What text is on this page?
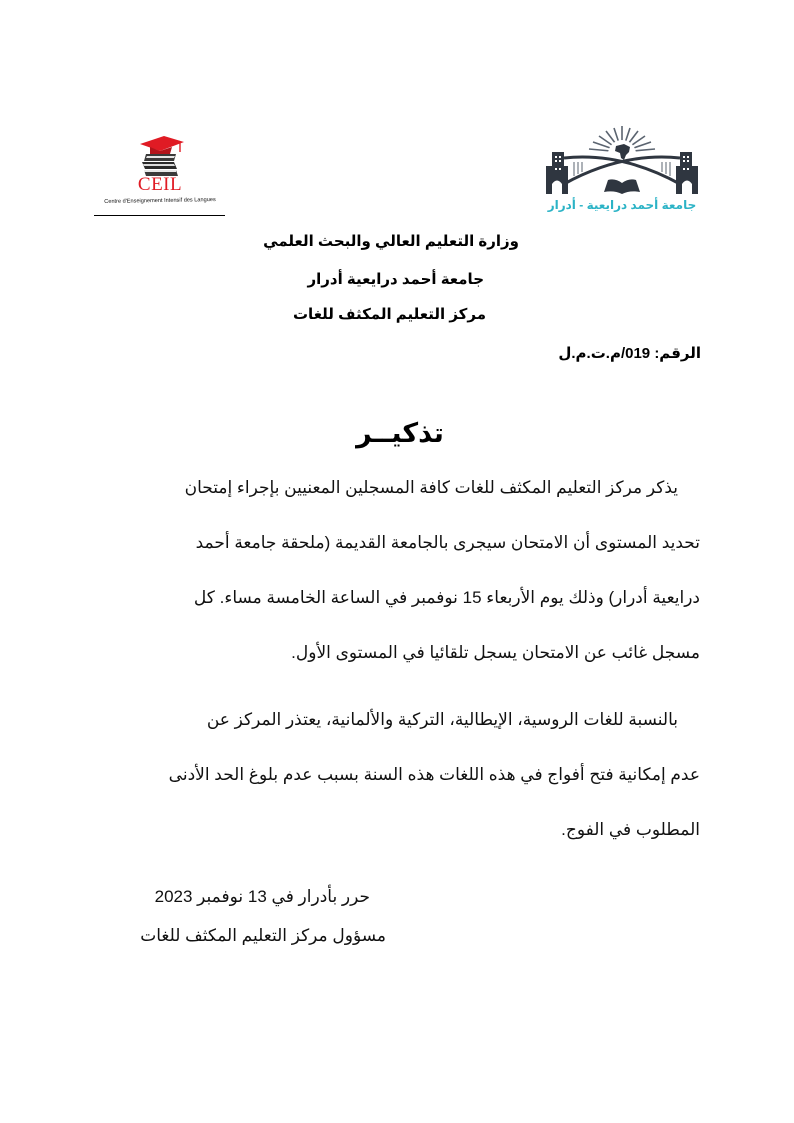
CEIL
Centre d'Enseignement Intensif des Langues	جامعة أحمد درايعية - أدرار
وزارة التعليم العالي والبحث العلمي
جامعة أحمد درايعية أدرار
مركز التعليم المكثف للغات
الرقم: 019/م.ت.م.ل
تذكيــر
يذكر مركز التعليم المكثف للغات كافة المسجلين المعنيين بإجراء إمتحان
تحديد المستوى أن الامتحان سيجرى بالجامعة القديمة (ملحقة جامعة أحمد
درايعية أدرار) وذلك يوم الأربعاء 15 نوفمبر في الساعة الخامسة مساء. كل
مسجل غائب عن الامتحان يسجل تلقائيا في المستوى الأول.
بالنسبة للغات الروسية، الإيطالية، التركية والألمانية، يعتذر المركز عن
عدم إمكانية فتح أفواج في هذه اللغات هذه السنة بسبب عدم بلوغ الحد الأدنى
المطلوب في الفوج.
حرر بأدرار في 13 نوفمبر 2023
مسؤول مركز التعليم المكثف للغات
